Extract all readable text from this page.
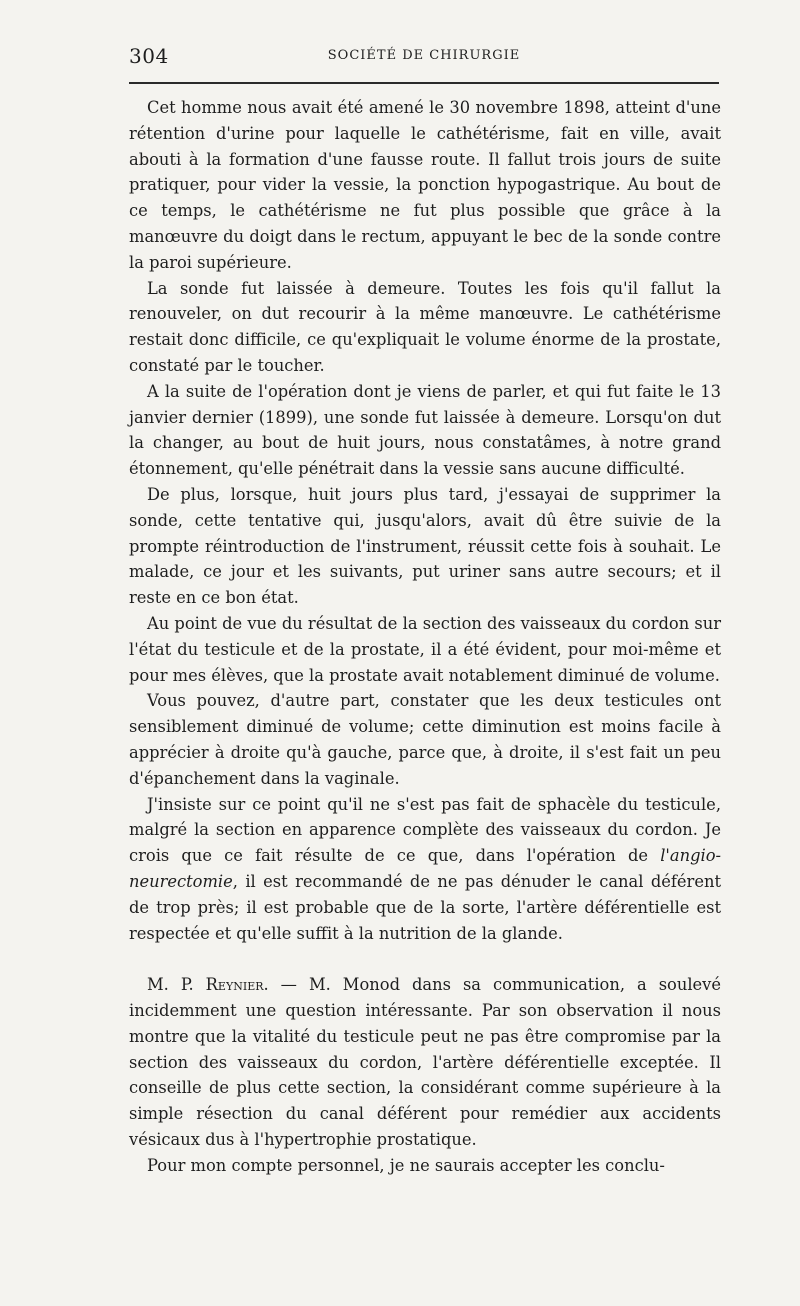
304	SOCIÉTÉ DE CHIRURGIE

Cet homme nous avait été amené le 30 novembre 1898, atteint d'une rétention d'urine pour laquelle le cathétérisme, fait en ville, avait abouti à la formation d'une fausse route. Il fallut trois jours de suite pratiquer, pour vider la vessie, la ponction hypogastrique. Au bout de ce temps, le cathétérisme ne fut plus possible que grâce à la manœuvre du doigt dans le rectum, appuyant le bec de la sonde contre la paroi supérieure.

La sonde fut laissée à demeure. Toutes les fois qu'il fallut la renouveler, on dut recourir à la même manœuvre. Le cathétérisme restait donc difficile, ce qu'expliquait le volume énorme de la prostate, constaté par le toucher.

A la suite de l'opération dont je viens de parler, et qui fut faite le 13 janvier dernier (1899), une sonde fut laissée à demeure. Lorsqu'on dut la changer, au bout de huit jours, nous constatâmes, à notre grand étonnement, qu'elle pénétrait dans la vessie sans aucune difficulté.

De plus, lorsque, huit jours plus tard, j'essayai de supprimer la sonde, cette tentative qui, jusqu'alors, avait dû être suivie de la prompte réintroduction de l'instrument, réussit cette fois à souhait. Le malade, ce jour et les suivants, put uriner sans autre secours; et il reste en ce bon état.

Au point de vue du résultat de la section des vaisseaux du cordon sur l'état du testicule et de la prostate, il a été évident, pour moi-même et pour mes élèves, que la prostate avait notablement diminué de volume.

Vous pouvez, d'autre part, constater que les deux testicules ont sensiblement diminué de volume; cette diminution est moins facile à apprécier à droite qu'à gauche, parce que, à droite, il s'est fait un peu d'épanchement dans la vaginale.

J'insiste sur ce point qu'il ne s'est pas fait de sphacèle du testicule, malgré la section en apparence complète des vaisseaux du cordon. Je crois que ce fait résulte de ce que, dans l'opération de l'angio-neurectomie, il est recommandé de ne pas dénuder le canal déférent de trop près; il est probable que de la sorte, l'artère déférentielle est respectée et qu'elle suffit à la nutrition de la glande.

M. P. Reynier. — M. Monod dans sa communication, a soulevé incidemment une question intéressante. Par son observation il nous montre que la vitalité du testicule peut ne pas être compromise par la section des vaisseaux du cordon, l'artère déférentielle exceptée. Il conseille de plus cette section, la considérant comme supérieure à la simple résection du canal déférent pour remédier aux accidents vésicaux dus à l'hypertrophie prostatique.

Pour mon compte personnel, je ne saurais accepter les conclu-
